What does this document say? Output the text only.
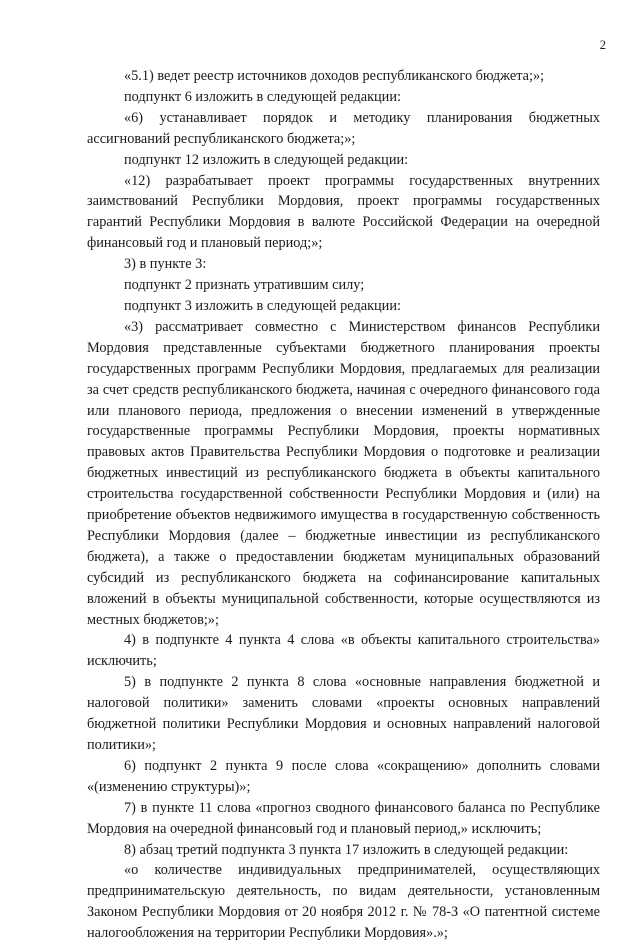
2

«5.1) ведет реестр источников доходов республиканского бюджета;»;

подпункт 6 изложить в следующей редакции:

«6) устанавливает порядок и методику планирования бюджетных ассигнований республиканского бюджета;»;

подпункт 12 изложить в следующей редакции:

«12) разрабатывает проект программы государственных внутренних заимствований Республики Мордовия, проект программы государственных гарантий Республики Мордовия в валюте Российской Федерации на очередной финансовый год и плановый период;»;

3) в пункте 3:

подпункт 2 признать утратившим силу;

подпункт 3 изложить в следующей редакции:

«3) рассматривает совместно с Министерством финансов Республики Мордовия представленные субъектами бюджетного планирования проекты государственных программ Республики Мордовия, предлагаемых для реализации за счет средств республиканского бюджета, начиная с очередного финансового года или планового периода, предложения о внесении изменений в утвержденные государственные программы Республики Мордовия, проекты нормативных правовых актов Правительства Республики Мордовия о подготовке и реализации бюджетных инвестиций из республиканского бюджета в объекты капитального строительства государственной собственности Республики Мордовия и (или) на приобретение объектов недвижимого имущества в государственную собственность Республики Мордовия (далее – бюджетные инвестиции из республиканского бюджета), а также о предоставлении бюджетам муниципальных образований субсидий из республиканского бюджета на софинансирование капитальных вложений в объекты муниципальной собственности, которые осуществляются из местных бюджетов;»;

4) в подпункте 4 пункта 4 слова «в объекты капитального строительства» исключить;

5) в подпункте 2 пункта 8 слова «основные направления бюджетной и налоговой политики» заменить словами «проекты основных направлений бюджетной политики Республики Мордовия и основных направлений налоговой политики»;

6) подпункт 2 пункта 9 после слова «сокращению» дополнить словами «(изменению структуры)»;

7) в пункте 11 слова «прогноз сводного финансового баланса по Республике Мордовия на очередной финансовый год и плановый период,» исключить;

8) абзац третий подпункта 3 пункта 17 изложить в следующей редакции:

«о количестве индивидуальных предпринимателей, осуществляющих предпринимательскую деятельность, по видам деятельности, установленным Законом Республики Мордовия от 20 ноября 2012 г. № 78-З «О патентной системе налогообложения на территории Республики Мордовия».»;
